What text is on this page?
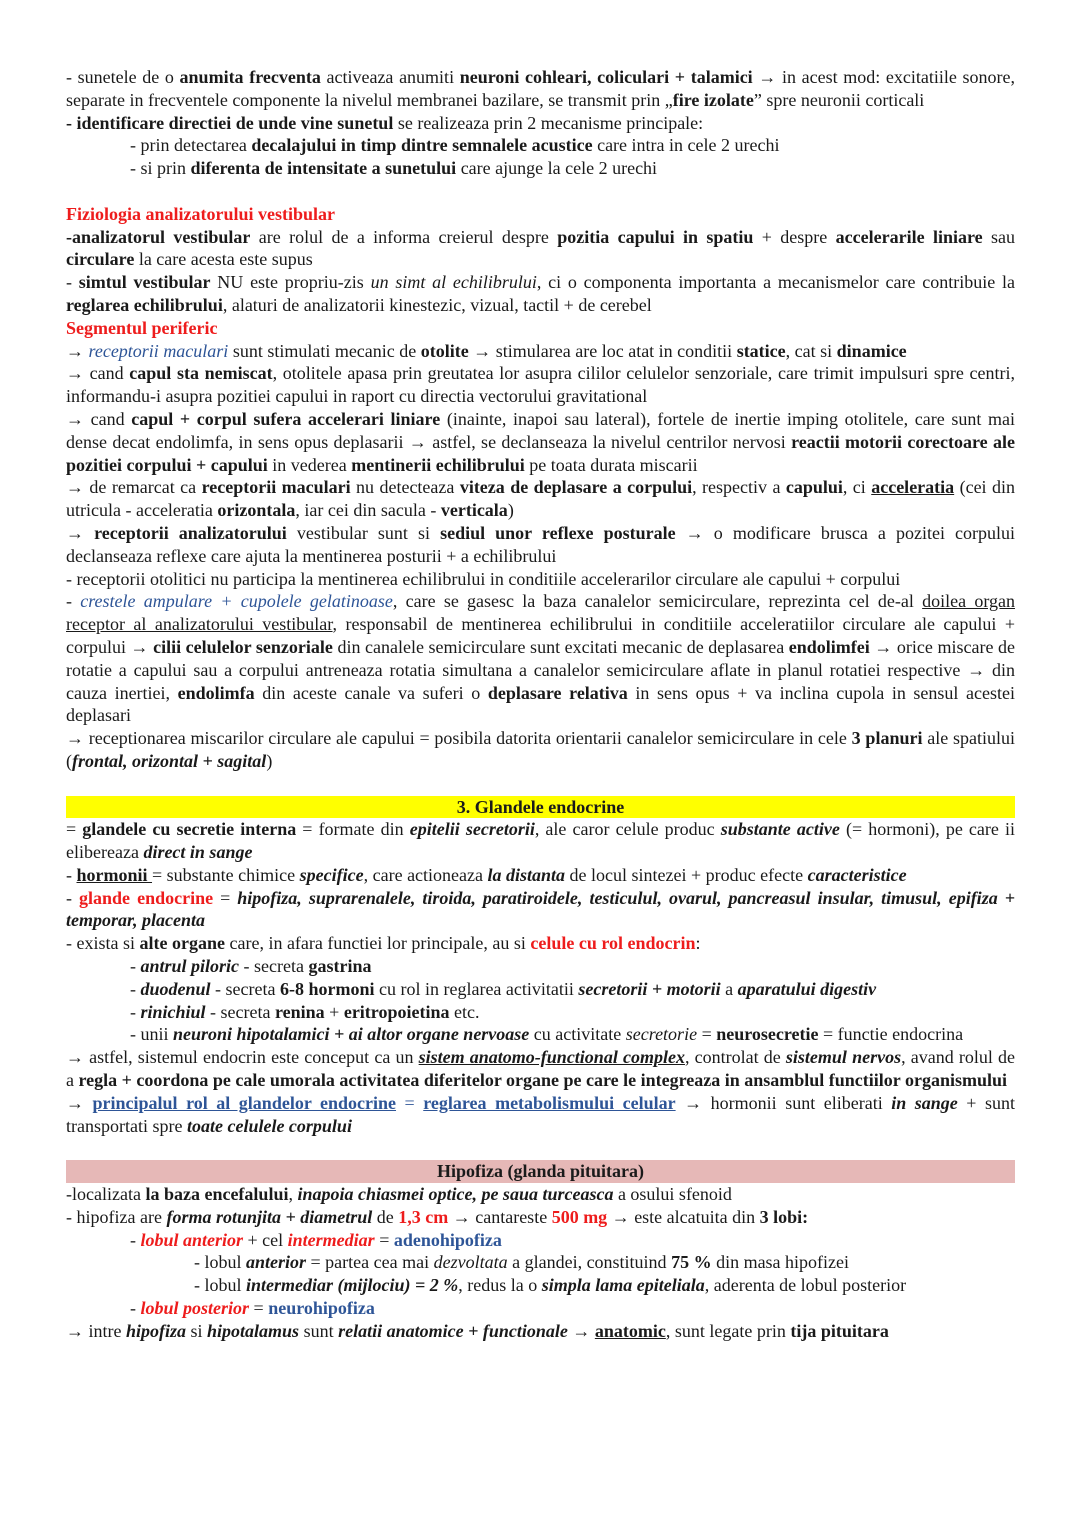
- sunetele de o anumita frecventa activeaza anumiti neuroni cohleari, coliculari + talamici → in acest mod: excitatiile sonore, separate in frecventele componente la nivelul membranei bazilare, se transmit prin „fire izolate” spre neuronii corticali

- identificare directiei de unde vine sunetul se realizeaza prin 2 mecanisme principale:

- prin detectarea decalajului in timp dintre semnalele acustice care intra in cele 2 urechi

- si prin diferenta de intensitate a sunetului care ajunge la cele 2 urechi

Fiziologia analizatorului vestibular

-analizatorul vestibular are rolul de a informa creierul despre pozitia capului in spatiu + despre accelerarile liniare sau circulare la care acesta este supus

- simtul vestibular NU este propriu-zis un simt al echilibrului, ci o componenta importanta a mecanismelor care contribuie la reglarea echilibrului, alaturi de analizatorii kinestezic, vizual, tactil + de cerebel

Segmentul periferic

→ receptorii maculari sunt stimulati mecanic de otolite → stimularea are loc atat in conditii statice, cat si dinamice

→ cand capul sta nemiscat, otolitele apasa prin greutatea lor asupra cililor celulelor senzoriale, care trimit impulsuri spre centri, informandu-i asupra pozitiei capului in raport cu directia vectorului gravitational

→ cand capul + corpul sufera accelerari liniare (inainte, inapoi sau lateral), fortele de inertie imping otolitele, care sunt mai dense decat endolimfa, in sens opus deplasarii → astfel, se declanseaza la nivelul centrilor nervosi reactii motorii corectoare ale pozitiei corpului + capului in vederea mentinerii echilibrului pe toata durata miscarii

→ de remarcat ca receptorii maculari nu detecteaza viteza de deplasare a corpului, respectiv a capului, ci acceleratia (cei din utricula - acceleratia orizontala, iar cei din sacula - verticala)

→ receptorii analizatorului vestibular sunt si sediul unor reflexe posturale → o modificare brusca a pozitei corpului declanseaza reflexe care ajuta la mentinerea posturii + a echilibrului

- receptorii otolitici nu participa la mentinerea echilibrului in conditiile accelerarilor circulare ale capului + corpului

- crestele ampulare + cupolele gelatinoase, care se gasesc la baza canalelor semicirculare, reprezinta cel de-al doilea organ receptor al analizatorului vestibular, responsabil de mentinerea echilibrului in conditiile acceleratiilor circulare ale capului + corpului → cilii celulelor senzoriale din canalele semicirculare sunt excitati mecanic de deplasarea endolimfei → orice miscare de rotatie a capului sau a corpului antreneaza rotatia simultana a canalelor semicirculare aflate in planul rotatiei respective → din cauza inertiei, endolimfa din aceste canale va suferi o deplasare relativa in sens opus + va inclina cupola in sensul acestei deplasari

→ receptionarea miscarilor circulare ale capului = posibila datorita orientarii canalelor semicirculare in cele 3 planuri ale spatiului (frontal, orizontal + sagital)

3. Glandele endocrine

= glandele cu secretie interna = formate din epitelii secretorii, ale caror celule produc substante active (= hormoni), pe care ii elibereaza direct in sange

- hormonii = substante chimice specifice, care actioneaza la distanta de locul sintezei + produc efecte caracteristice

- glande endocrine = hipofiza, suprarenalele, tiroida, paratiroidele, testiculul, ovarul, pancreasul insular, timusul, epifiza + temporar, placenta

- exista si alte organe care, in afara functiei lor principale, au si celule cu rol endocrin:

- antrul piloric - secreta gastrina

- duodenul - secreta 6-8 hormoni cu rol in reglarea activitatii secretorii + motorii a aparatului digestiv

- rinichiul - secreta renina + eritropoietina etc.

- unii neuroni hipotalamici + ai altor organe nervoase cu activitate secretorie = neurosecretie = functie endocrina

→ astfel, sistemul endocrin este conceput ca un sistem anatomo-functional complex, controlat de sistemul nervos, avand rolul de a regla + coordona pe cale umorala activitatea diferitelor organe pe care le integreaza in ansamblul functiilor organismului

→ principalul rol al glandelor endocrine = reglarea metabolismului celular → hormonii sunt eliberati in sange + sunt transportati spre toate celulele corpului

Hipofiza (glanda pituitara)

-localizata la baza encefalului, inapoia chiasmei optice, pe saua turceasca a osului sfenoid

- hipofiza are forma rotunjita + diametrul de 1,3 cm → cantareste 500 mg → este alcatuita din 3 lobi:

- lobul anterior + cel intermediar = adenohipofiza

- lobul anterior = partea cea mai dezvoltata a glandei, constituind 75 % din masa hipofizei

- lobul intermediar (mijlociu) = 2 %, redus la o simpla lama epiteliala, aderenta de lobul posterior

- lobul posterior = neurohipofiza

→ intre hipofiza si hipotalamus sunt relatii anatomice + functionale → anatomic, sunt legate prin tija pituitara
